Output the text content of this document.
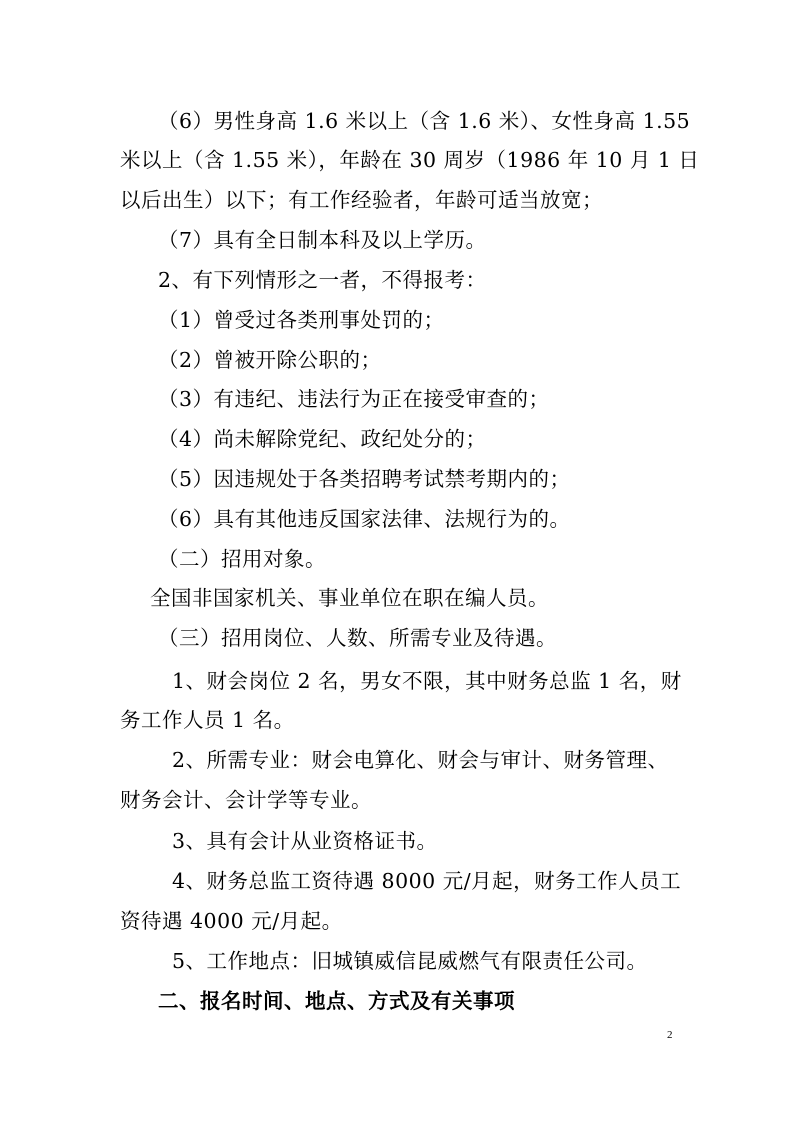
（6）男性身高 1.6 米以上（含 1.6 米）、女性身高 1.55
米以上（含 1.55 米），年龄在 30 周岁（1986 年 10 月 1 日
以后出生）以下；有工作经验者，年龄可适当放宽；
（7）具有全日制本科及以上学历。
2、有下列情形之一者，不得报考：
（1）曾受过各类刑事处罚的；
（2）曾被开除公职的；
（3）有违纪、违法行为正在接受审查的；
（4）尚未解除党纪、政纪处分的；
（5）因违规处于各类招聘考试禁考期内的；
（6）具有其他违反国家法律、法规行为的。
（二）招用对象。
全国非国家机关、事业单位在职在编人员。
（三）招用岗位、人数、所需专业及待遇。
1、财会岗位 2 名，男女不限，其中财务总监 1 名，财
务工作人员 1 名。
2、所需专业：财会电算化、财会与审计、财务管理、
财务会计、会计学等专业。
3、具有会计从业资格证书。
4、财务总监工资待遇 8000 元/月起，财务工作人员工
资待遇 4000 元/月起。
5、工作地点：旧城镇威信昆威燃气有限责任公司。
二、报名时间、地点、方式及有关事项
2
